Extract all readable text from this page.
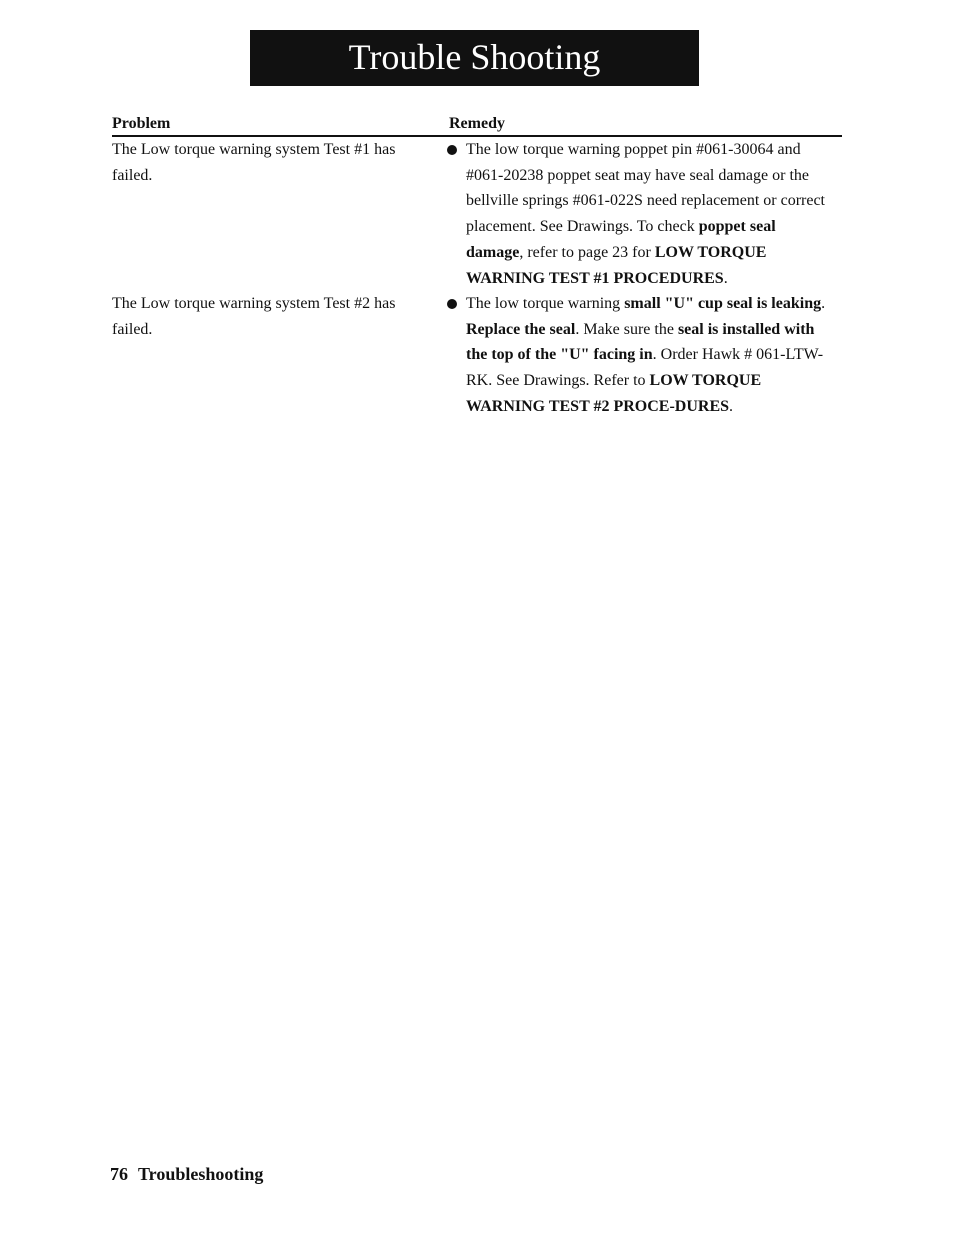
Trouble Shooting
Problem	Remedy
The Low torque warning system Test #1 has failed.
The low torque warning poppet pin #061-30064 and #061-20238 poppet seat may have seal damage or the bellville springs #061-022S need replacement or correct placement. See Drawings. To check poppet seal damage, refer to page 23 for LOW TORQUE WARNING TEST #1 PROCEDURES.
The Low torque warning system Test #2 has failed.
The low torque warning small "U" cup seal is leaking. Replace the seal. Make sure the seal is installed with the top of the "U" facing in. Order Hawk # 061-LTW-RK. See Drawings. Refer to LOW TORQUE WARNING TEST #2 PROCE-DURES.
76 Troubleshooting
